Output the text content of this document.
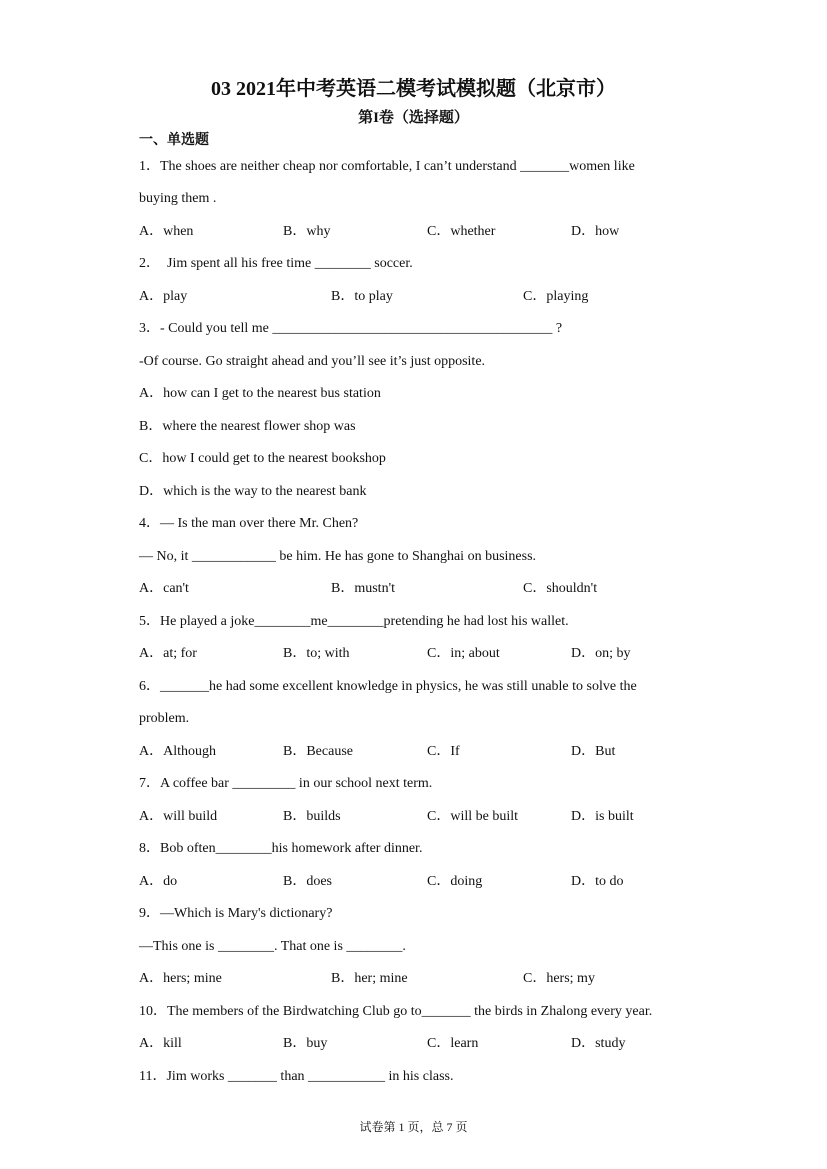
03 2021年中考英语二模考试模拟题（北京市）
第I卷（选择题）
一、单选题
1．The shoes are neither cheap nor comfortable, I can’t understand _______women like
buying them .
A．when	B．why	C．whether	D．how
2．  Jim spent all his free time ________ soccer.
A．play	B．to play	C．playing
3．- Could you tell me ________________________________________ ?
-Of course. Go straight ahead and you’ll see it’s just opposite.
A．how can I get to the nearest bus station
B．where the nearest flower shop was
C．how I could get to the nearest bookshop
D．which is the way to the nearest bank
4．— Is the man over there Mr. Chen?
— No, it ____________ be him. He has gone to Shanghai on business.
A．can't	B．mustn't	C．shouldn't
5．He played a joke________me________pretending he had lost his wallet.
A．at; for	B．to; with	C．in; about	D．on; by
6．_______he had some excellent knowledge in physics, he was still unable to solve the
problem.
A．Although	B．Because	C．If	D．But
7．A coffee bar _________ in our school next term.
A．will build	B．builds	C．will be built	D．is built
8．Bob often________his homework after dinner.
A．do	B．does	C．doing	D．to do
9．—Which is Mary's dictionary?
—This one is ________. That one is ________.
A．hers; mine	B．her; mine	C．hers; my
10．The members of the Birdwatching Club go to_______ the birds in Zhalong every year.
A．kill	B．buy	C．learn	D．study
11．Jim works _______ than ___________ in his class.
试卷第 1 页，总 7 页
